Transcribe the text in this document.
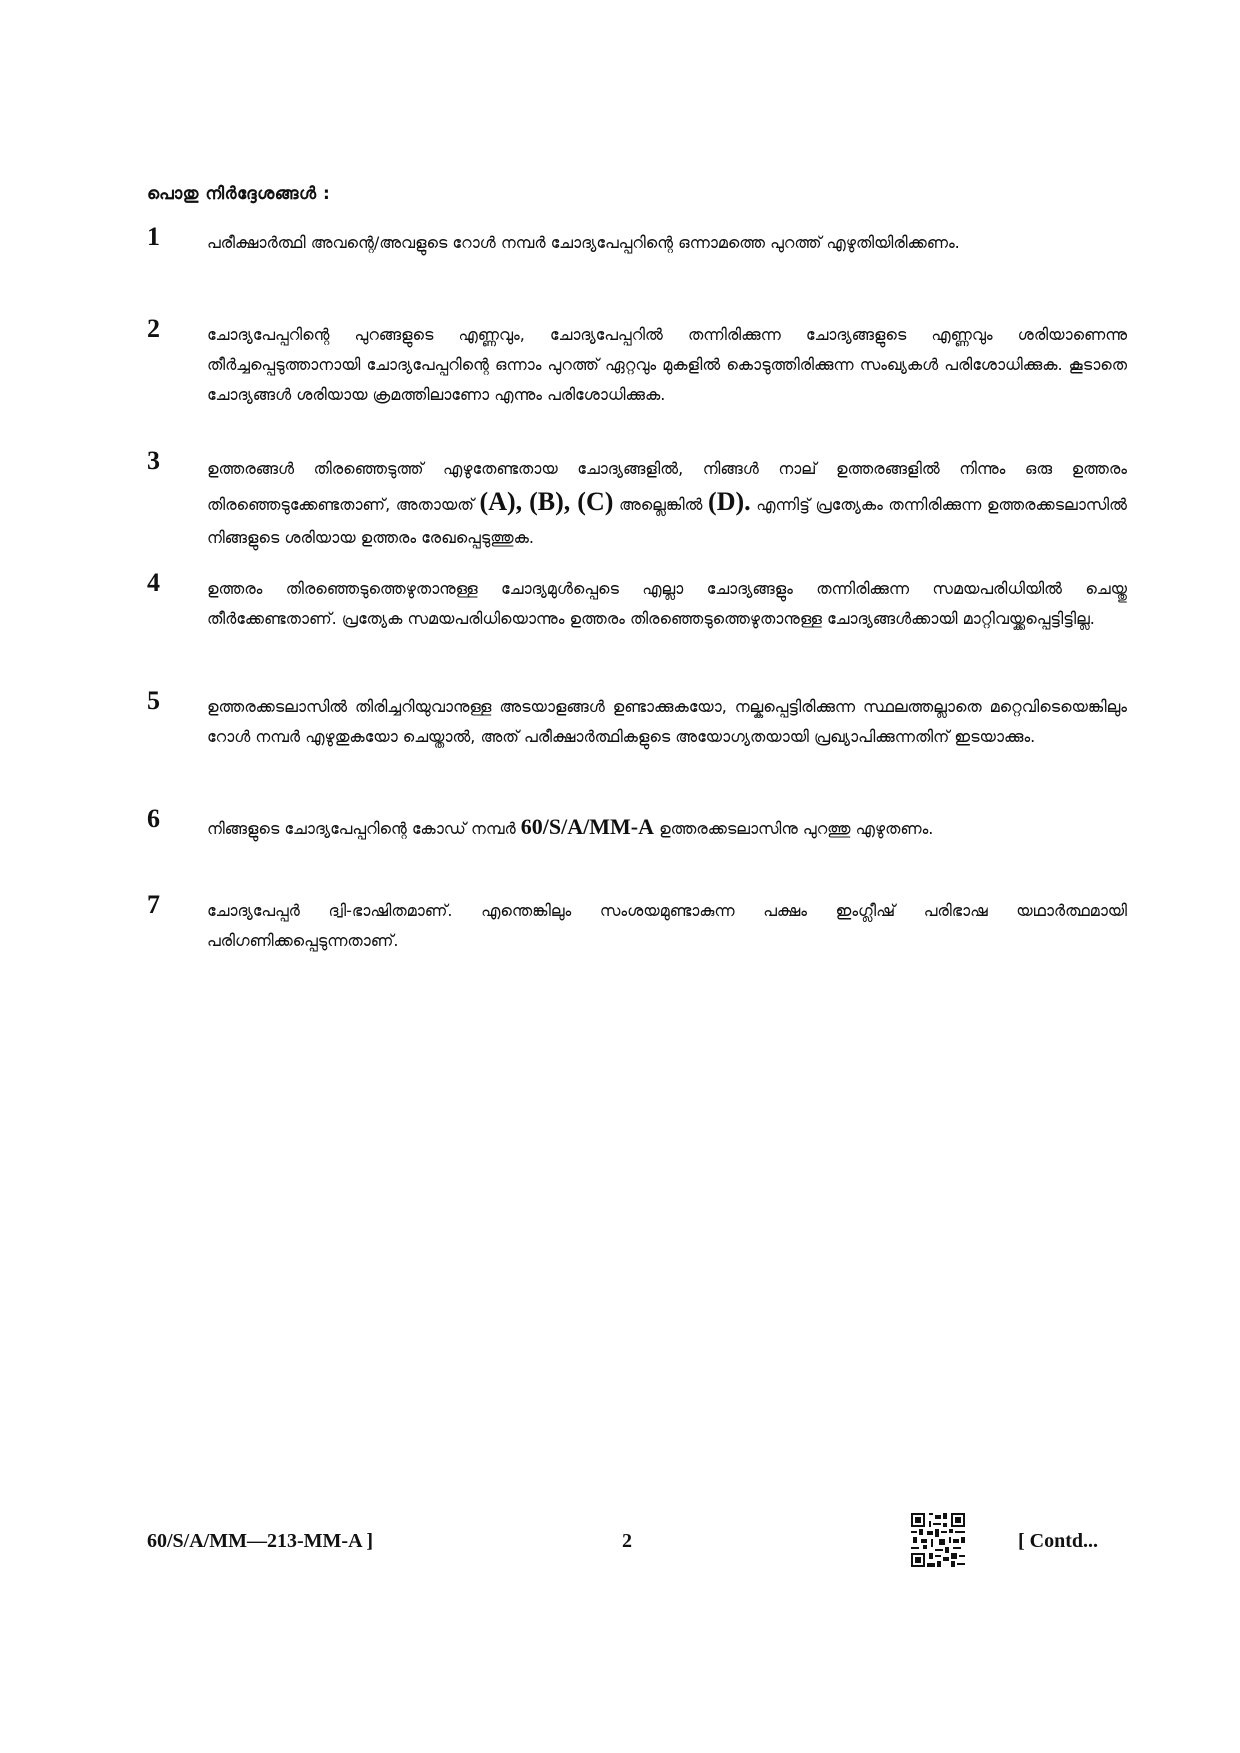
പൊതു നിർദ്ദേശങ്ങൾ :
1	പരീക്ഷാർത്ഥി അവന്റെ/അവളുടെ റോൾ നമ്പർ ചോദ്യപേപ്പറിന്റെ ഒന്നാമത്തെ പുറത്ത് എഴുതിയിരിക്കണം.
2	ചോദ്യപേപ്പറിന്റെ പുറങ്ങളുടെ എണ്ണവും, ചോദ്യപേപ്പറിൽ തന്നിരിക്കുന്ന ചോദ്യങ്ങളുടെ എണ്ണവും ശരിയാണെന്നു തീർച്ചപ്പെടുത്താനായി ചോദ്യപേപ്പറിന്റെ ഒന്നാം പുറത്ത് ഏറ്റവും മുകളിൽ കൊടുത്തിരിക്കുന്ന സംഖ്യകൾ പരിശോധിക്കുക. കൂടാതെ ചോദ്യങ്ങൾ ശരിയായ ക്രമത്തിലാണോ എന്നും പരിശോധിക്കുക.
3	ഉത്തരങ്ങൾ തിരഞ്ഞെടുത്ത് എഴുതേണ്ടതായ ചോദ്യങ്ങളിൽ, നിങ്ങൾ നാല് ഉത്തരങ്ങളിൽ നിന്നും ഒരു ഉത്തരം തിരഞ്ഞെടുക്കേണ്ടതാണ്, അതായത് (A), (B), (C) അല്ലെങ്കിൽ (D). എന്നിട്ട് പ്രത്യേകം തന്നിരിക്കുന്ന ഉത്തരക്കടലാസിൽ നിങ്ങളുടെ ശരിയായ ഉത്തരം രേഖപ്പെടുത്തുക.
4	ഉത്തരം തിരഞ്ഞെടുത്തെഴുതാനുള്ള ചോദ്യമുൾപ്പെടെ എല്ലാ ചോദ്യങ്ങളും തന്നിരിക്കുന്ന സമയപരിധിയിൽ ചെയ്തു തീർക്കേണ്ടതാണ്. പ്രത്യേക സമയപരിധിയൊന്നും ഉത്തരം തിരഞ്ഞെടുത്തെഴുതാനുള്ള ചോദ്യങ്ങൾക്കായി മാറ്റിവയ്ക്കപ്പെട്ടിട്ടില്ല.
5	ഉത്തരക്കടലാസിൽ തിരിച്ചറിയുവാനുള്ള അടയാളങ്ങൾ ഉണ്ടാക്കുകയോ, നല്കപ്പെട്ടിരിക്കുന്ന സ്ഥലത്തല്ലാതെ മറ്റെവിടെയെങ്കിലും റോൾ നമ്പർ എഴുതുകയോ ചെയ്താൽ, അത് പരീക്ഷാർത്ഥികളുടെ അയോഗ്യതയായി പ്രഖ്യാപിക്കുന്നതിന് ഇടയാക്കും.
6	നിങ്ങളുടെ ചോദ്യപേപ്പറിന്റെ കോഡ് നമ്പർ 60/S/A/MM-A ഉത്തരക്കടലാസിനു പുറത്തു എഴുതണം.
7	ചോദ്യപേപ്പർ ദ്വി-ഭാഷിതമാണ്. എന്തെങ്കിലും സംശയമുണ്ടാകുന്ന പക്ഷം ഇംഗ്ലീഷ് പരിഭാഷ യഥാർത്ഥമായി പരിഗണിക്കപ്പെടുന്നതാണ്.
60/S/A/MM—213-MM-A ]	2	[ Contd...
